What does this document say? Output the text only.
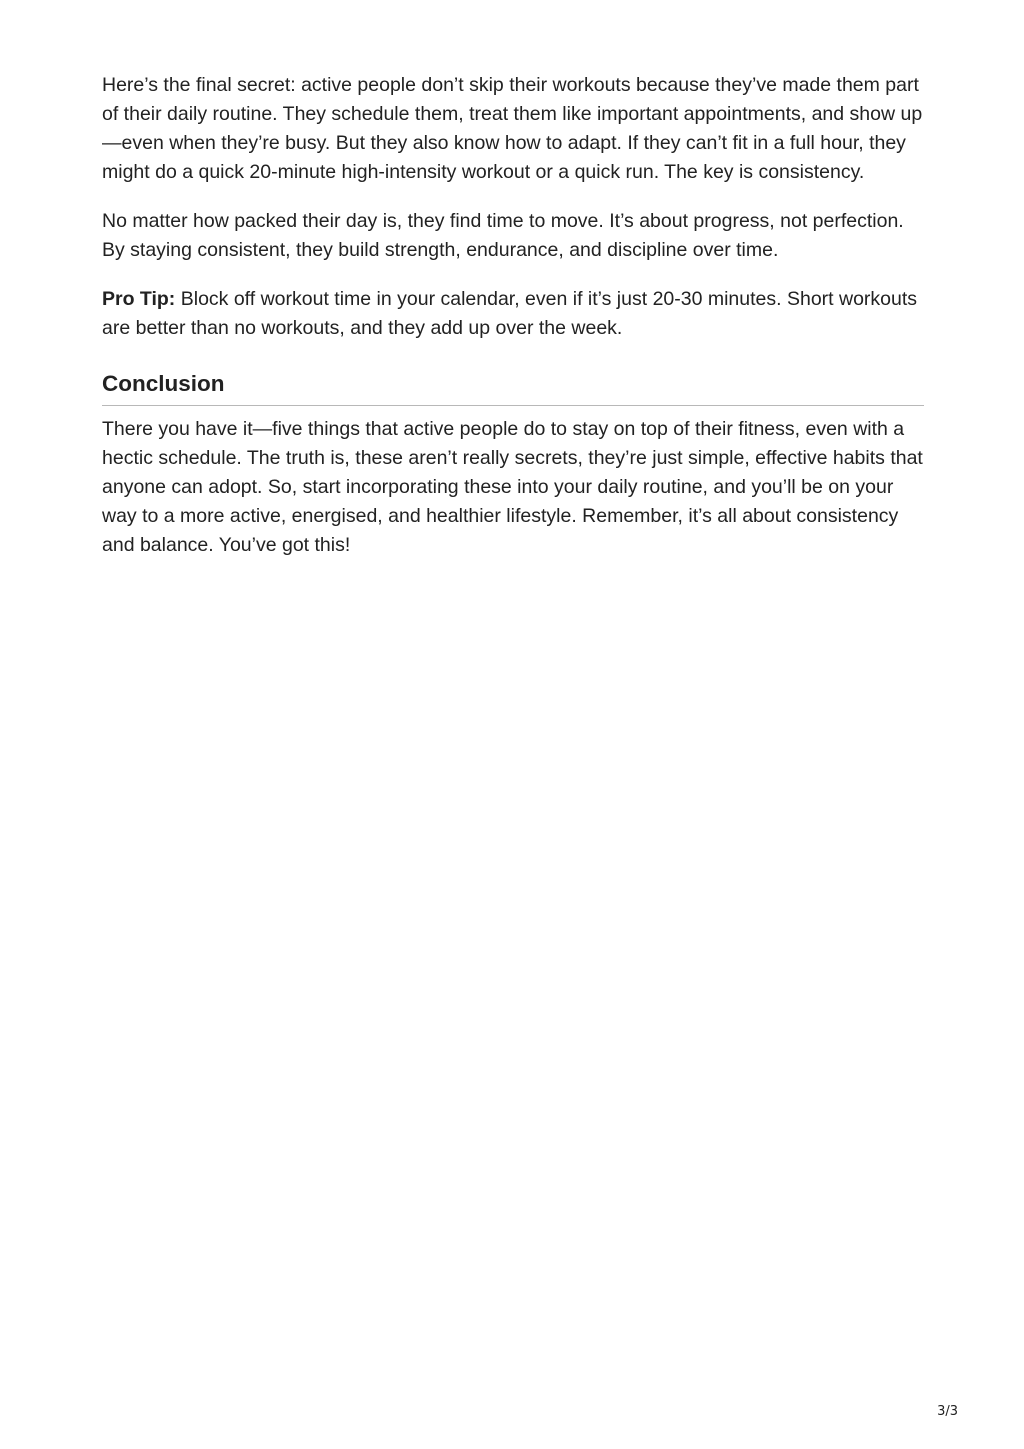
Here’s the final secret: active people don’t skip their workouts because they’ve made them part of their daily routine. They schedule them, treat them like important appointments, and show up—even when they’re busy. But they also know how to adapt. If they can’t fit in a full hour, they might do a quick 20-minute high-intensity workout or a quick run. The key is consistency.

No matter how packed their day is, they find time to move. It’s about progress, not perfection. By staying consistent, they build strength, endurance, and discipline over time.

Pro Tip: Block off workout time in your calendar, even if it’s just 20-30 minutes. Short workouts are better than no workouts, and they add up over the week.

Conclusion

There you have it—five things that active people do to stay on top of their fitness, even with a hectic schedule. The truth is, these aren’t really secrets, they’re just simple, effective habits that anyone can adopt. So, start incorporating these into your daily routine, and you’ll be on your way to a more active, energised, and healthier lifestyle. Remember, it’s all about consistency and balance. You’ve got this!

3/3
